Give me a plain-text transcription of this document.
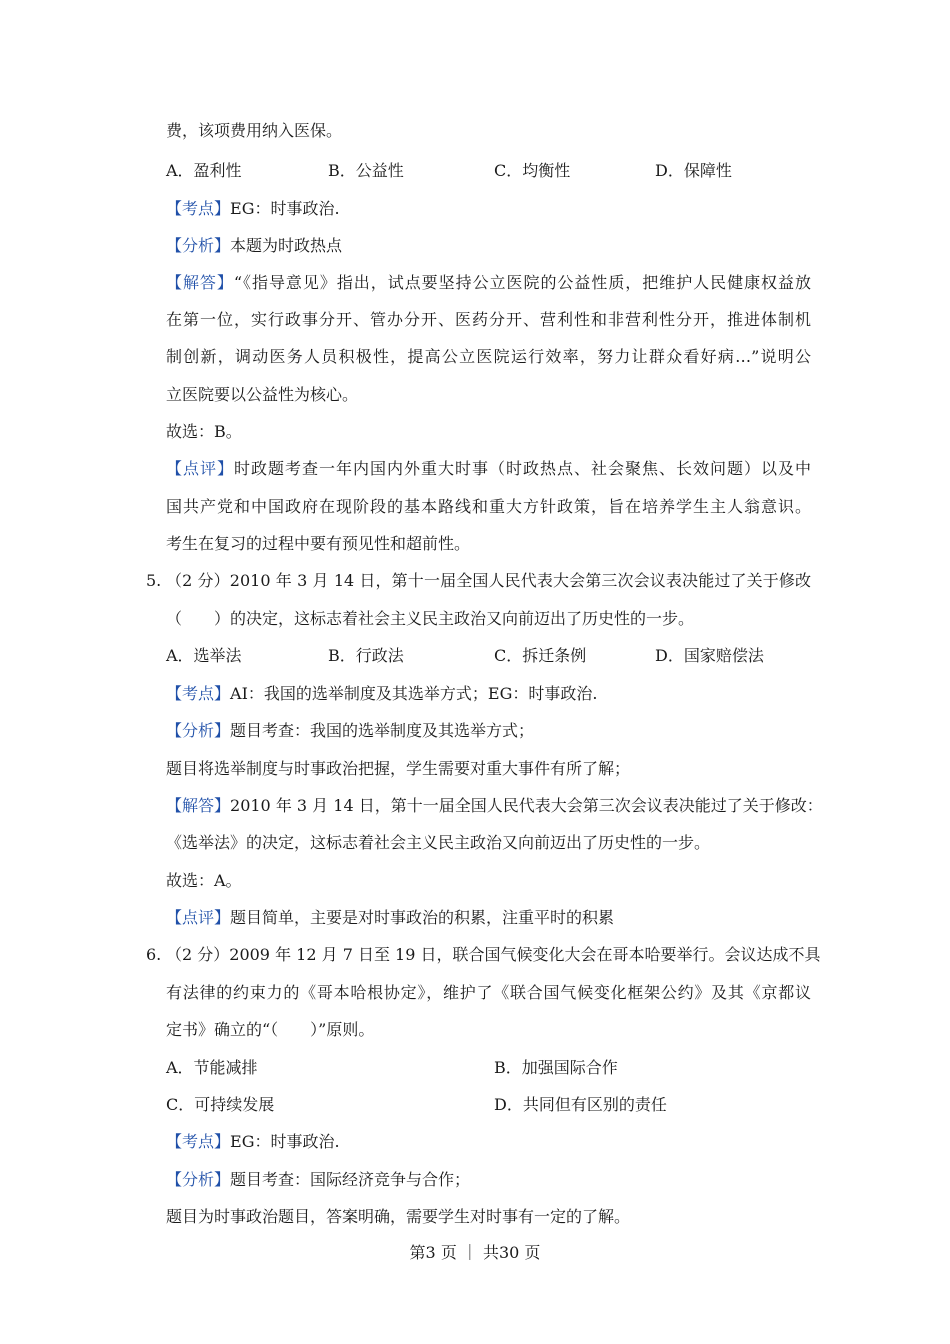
费，该项费用纳入医保。
A．盈利性	B．公益性	C．均衡性	D．保障性
【考点】EG：时事政治.
【分析】本题为时政热点
【解答】“《指导意见》指出，试点要坚持公立医院的公益性质，把维护人民健康权益放
在第一位，实行政事分开、管办分开、医药分开、营利性和非营利性分开，推进体制机
制创新，调动医务人员积极性，提高公立医院运行效率，努力让群众看好病…”说明公
立医院要以公益性为核心。
故选：B。
【点评】时政题考查一年内国内外重大时事（时政热点、社会聚焦、长效问题）以及中
国共产党和中国政府在现阶段的基本路线和重大方针政策，旨在培养学生主人翁意识。
考生在复习的过程中要有预见性和超前性。
5. （2 分）2010 年 3 月 14 日，第十一届全国人民代表大会第三次会议表决能过了关于修改
（　　）的决定，这标志着社会主义民主政治又向前迈出了历史性的一步。
A．选举法	B．行政法	C．拆迁条例	D．国家赔偿法
【考点】AI：我国的选举制度及其选举方式；EG：时事政治.
【分析】题目考查：我国的选举制度及其选举方式；
题目将选举制度与时事政治把握，学生需要对重大事件有所了解；
【解答】2010 年 3 月 14 日，第十一届全国人民代表大会第三次会议表决能过了关于修改：
《选举法》的决定，这标志着社会主义民主政治又向前迈出了历史性的一步。
故选：A。
【点评】题目简单，主要是对时事政治的积累，注重平时的积累
6. （2 分）2009 年 12 月 7 日至 19 日，联合国气候变化大会在哥本哈要举行。会议达成不具
有法律的约束力的《哥本哈根协定》，维护了《联合国气候变化框架公约》及其《京都议
定书》确立的“（　　）”原则。
A．节能减排	B．加强国际合作
C．可持续发展	D．共同但有区别的责任
【考点】EG：时事政治.
【分析】题目考查：国际经济竞争与合作；
题目为时事政治题目，答案明确，需要学生对时事有一定的了解。
第3 页 ｜ 共30 页
